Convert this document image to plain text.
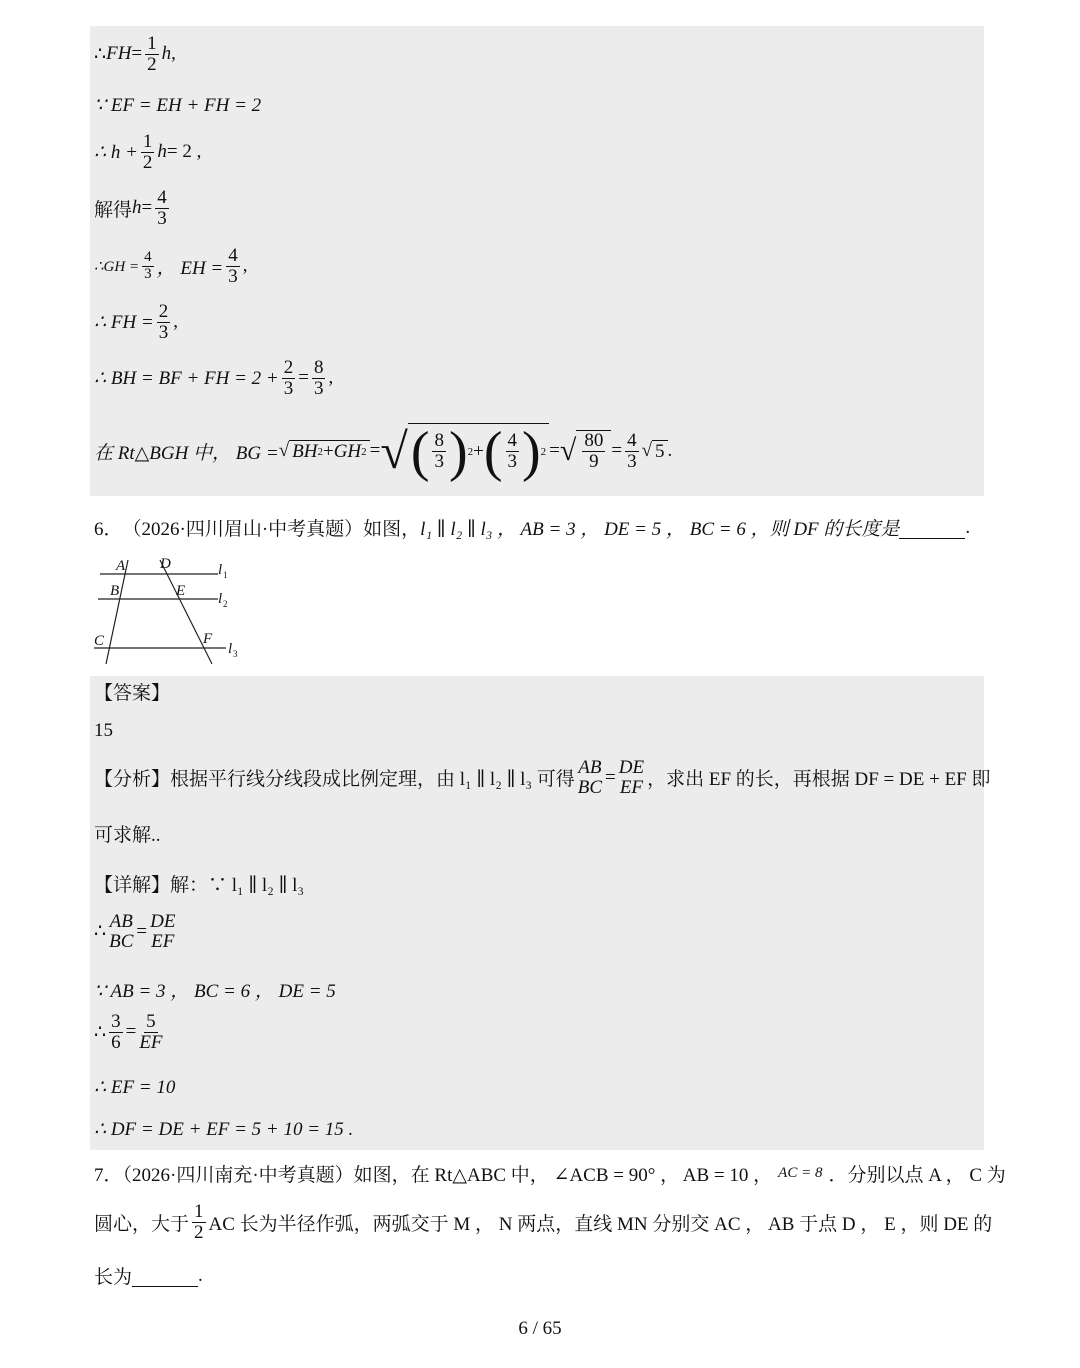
∴ FH = $\frac{1}{2}$ h ,
∵ EF = EH + FH = 2
∴ $h + \frac{1}{2}$ h = 2 ,
解得 $h = \frac{4}{3}$
∴GH = $\frac{4}{3}$ ， EH = $\frac{4}{3}$ ,
∴ FH = $\frac{2}{3}$ ,
∴ BH = BF + FH = $2 + \frac{2}{3} = \frac{8}{3}$ ,
在 Rt△BGH 中， BG = √ BH 2 + GH 2 = √ ( $\frac{8}{3}$ ) 2 + ( $\frac{4}{3}$ ) 2 = √ $\frac{80}{9} = \frac{4}{3}$ √ 5 .
6． （2026·四川眉山·中考真题）如图， l₁ ∥ l₂ ∥ l₃ ， AB = 3 ， DE = 5 ， BC = 6 ，则 DF 的长度是
	.
A D
B	E
C	F
l 1
l 2
l 3
【答案】
15
【分析】根据平行线分线段成比例定理，由 l₁ ∥ l₂ ∥ l₃ 可得
AB
BC = DE
EF ，求出 EF 的长，再根据 DF = DE + EF 即
可求解..
【详解】解：∵ l₁ ∥ l₂ ∥ l₃
∴ AB
BC = DE
EF
∵ AB = 3 ， BC = 6 ， DE = 5
∴ $\frac{3}{6} = \frac{5}{EF}$
∴ EF = 10
∴ DF = DE + EF = 5 + 10 = 15 .
7．（2026·四川南充·中考真题）如图，在 Rt△ABC 中， ∠ACB = 90° ， AB = 10 ， AC = 8 ．分别以点 A ， C 为
圆心，大于 $\frac{1}{2}$ AC 长为半径作弧，两弧交于 M ， N 两点，直线 MN 分别交 AC ， AB 于点 D ， E ，则 DE 的
长为
	.
6 / 65
